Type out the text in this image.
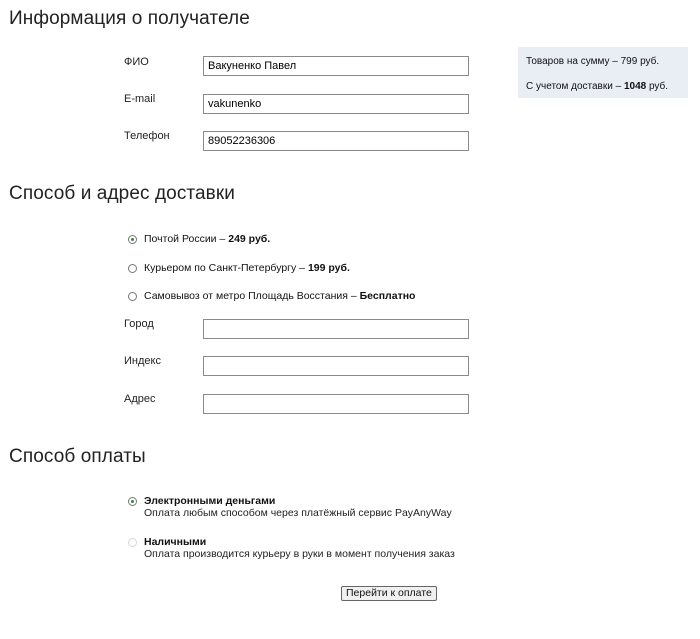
Информация о получателе
ФИО
Вакуненко Павел
E-mail
vakunenko
Телефон
89052236306
Товаров на сумму – 799 руб.
С учетом доставки – 1048 руб.
Способ и адрес доставки
Почтой России –
249 руб.
Курьером по Санкт-Петербургу –
199 руб.
Самовывоз от метро Площадь Восстания –
Бесплатно
Город
Индекс
Адрес
Способ оплаты
Электронными деньгами
Оплата любым способом через платёжный сервис PayAnyWay
Наличными
Оплата производится курьеру в руки в момент получения заказ
Перейти к оплате
